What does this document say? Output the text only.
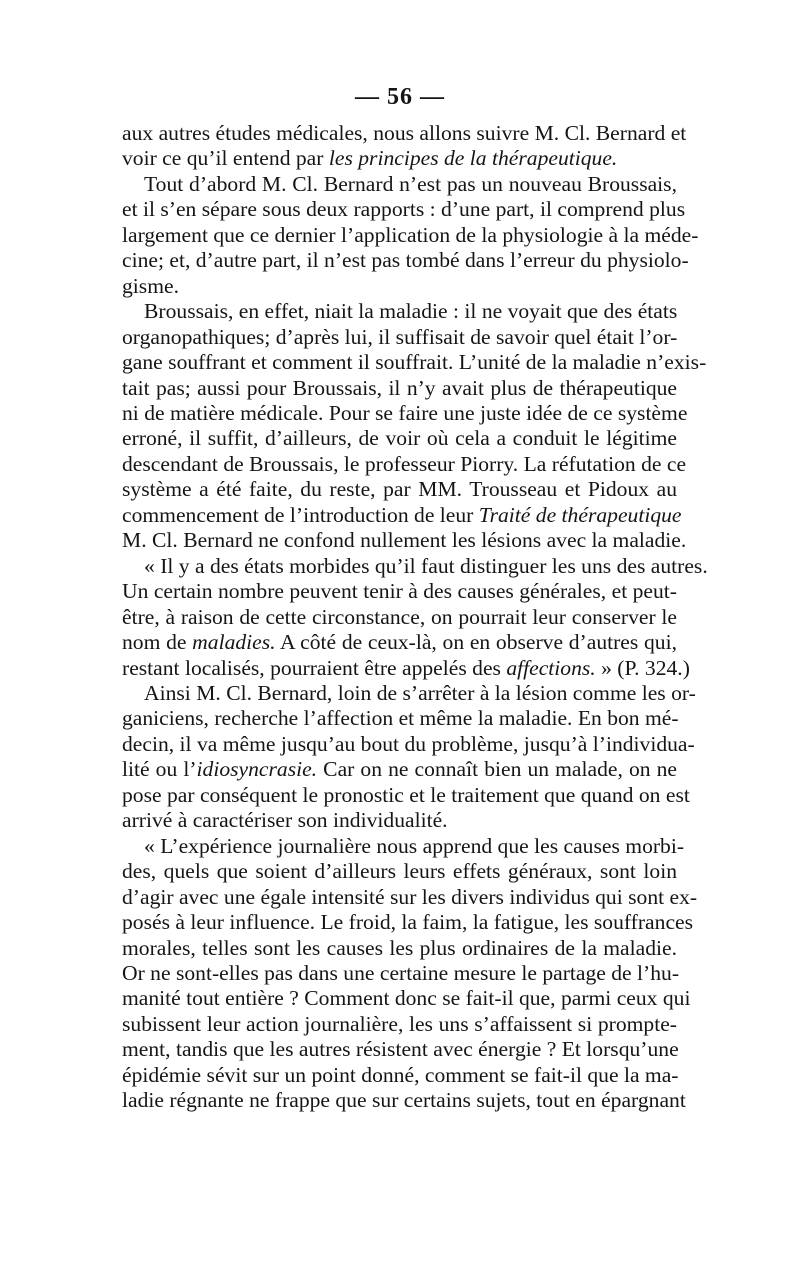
— 56 —
aux autres études médicales, nous allons suivre M. Cl. Bernard et
voir ce qu’il entend par les principes de la thérapeutique.
Tout d’abord M. Cl. Bernard n’est pas un nouveau Broussais,
et il s’en sépare sous deux rapports : d’une part, il comprend plus
largement que ce dernier l’application de la physiologie à la méde-
cine; et, d’autre part, il n’est pas tombé dans l’erreur du physiolo-
gisme.
Broussais, en effet, niait la maladie : il ne voyait que des états
organopathiques; d’après lui, il suffisait de savoir quel était l’or-
gane souffrant et comment il souffrait. L’unité de la maladie n’exis-
tait pas; aussi pour Broussais, il n’y avait plus de thérapeutique
ni de matière médicale. Pour se faire une juste idée de ce système
erroné, il suffit, d’ailleurs, de voir où cela a conduit le légitime
descendant de Broussais, le professeur Piorry. La réfutation de ce
système a été faite, du reste, par MM. Trousseau et Pidoux au
commencement de l’introduction de leur Traité de thérapeutique
M. Cl. Bernard ne confond nullement les lésions avec la maladie.
« Il y a des états morbides qu’il faut distinguer les uns des autres.
Un certain nombre peuvent tenir à des causes générales, et peut-
être, à raison de cette circonstance, on pourrait leur conserver le
nom de maladies. A côté de ceux-là, on en observe d’autres qui,
restant localisés, pourraient être appelés des affections. » (P. 324.)
Ainsi M. Cl. Bernard, loin de s’arrêter à la lésion comme les or-
ganiciens, recherche l’affection et même la maladie. En bon mé-
decin, il va même jusqu’au bout du problème, jusqu’à l’individua-
lité ou l’idiosyncrasie. Car on ne connaît bien un malade, on ne
pose par conséquent le pronostic et le traitement que quand on est
arrivé à caractériser son individualité.
« L’expérience journalière nous apprend que les causes morbi-
des, quels que soient d’ailleurs leurs effets généraux, sont loin
d’agir avec une égale intensité sur les divers individus qui sont ex-
posés à leur influence. Le froid, la faim, la fatigue, les souffrances
morales, telles sont les causes les plus ordinaires de la maladie.
Or ne sont-elles pas dans une certaine mesure le partage de l’hu-
manité tout entière ? Comment donc se fait-il que, parmi ceux qui
subissent leur action journalière, les uns s’affaissent si promptе-
ment, tandis que les autres résistent avec énergie ? Et lorsqu’une
épidémie sévit sur un point donné, comment se fait-il que la ma-
ladie régnante ne frappe que sur certains sujets, tout en épargnant
